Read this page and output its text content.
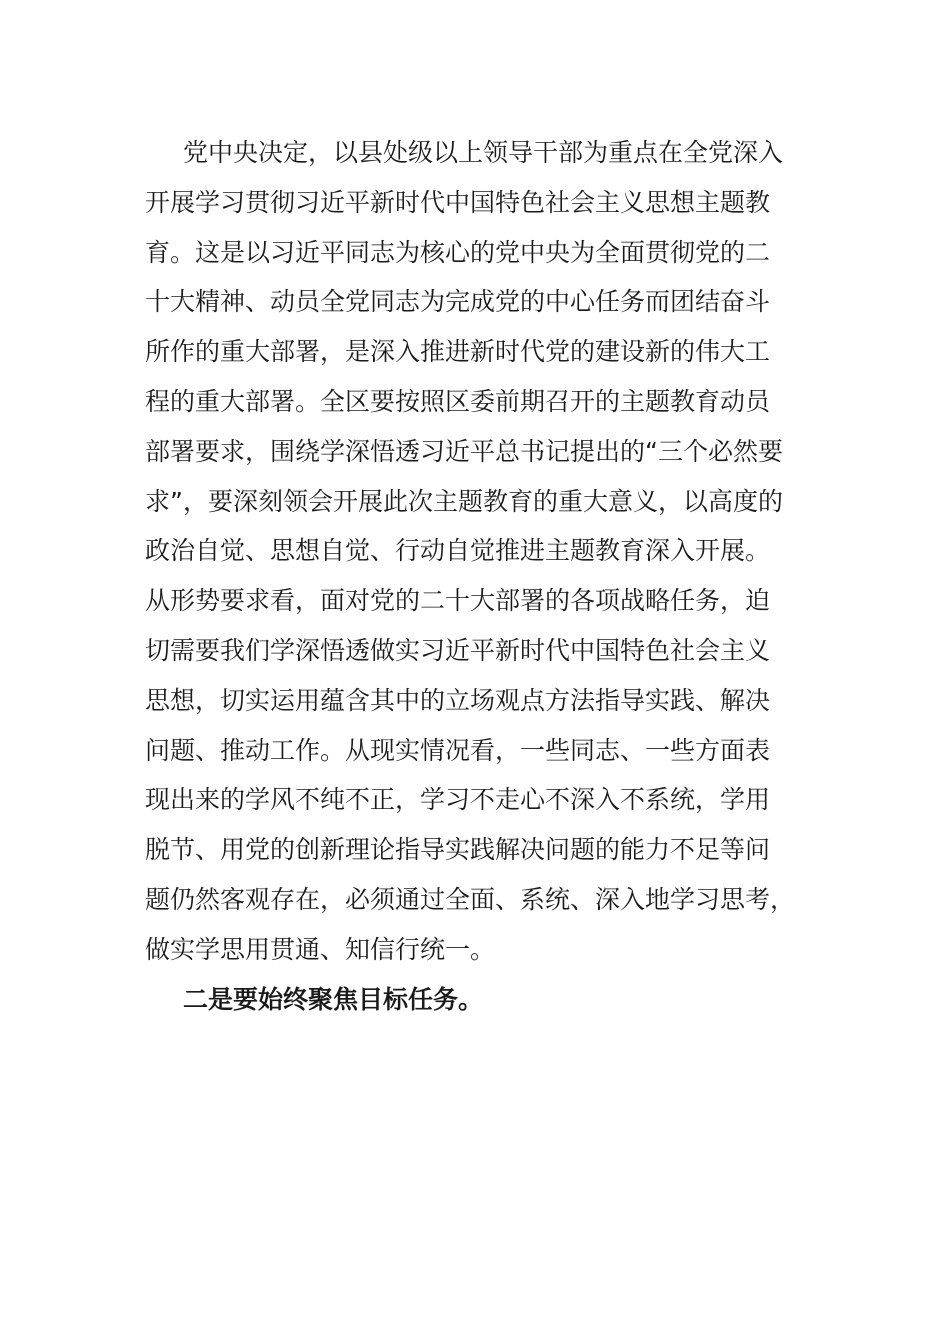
党中央决定，以县处级以上领导干部为重点在全党深入
开展学习贯彻习近平新时代中国特色社会主义思想主题教
育。这是以习近平同志为核心的党中央为全面贯彻党的二
十大精神、动员全党同志为完成党的中心任务而团结奋斗
所作的重大部署，是深入推进新时代党的建设新的伟大工
程的重大部署。全区要按照区委前期召开的主题教育动员
部署要求，围绕学深悟透习近平总书记提出的“三个必然要
求”，要深刻领会开展此次主题教育的重大意义，以高度的
政治自觉、思想自觉、行动自觉推进主题教育深入开展。
从形势要求看，面对党的二十大部署的各项战略任务，迫
切需要我们学深悟透做实习近平新时代中国特色社会主义
思想，切实运用蕴含其中的立场观点方法指导实践、解决
问题、推动工作。从现实情况看，一些同志、一些方面表
现出来的学风不纯不正，学习不走心不深入不系统，学用
脱节、用党的创新理论指导实践解决问题的能力不足等问
题仍然客观存在，必须通过全面、系统、深入地学习思考，
做实学思用贯通、知信行统一。
二是要始终聚焦目标任务。
